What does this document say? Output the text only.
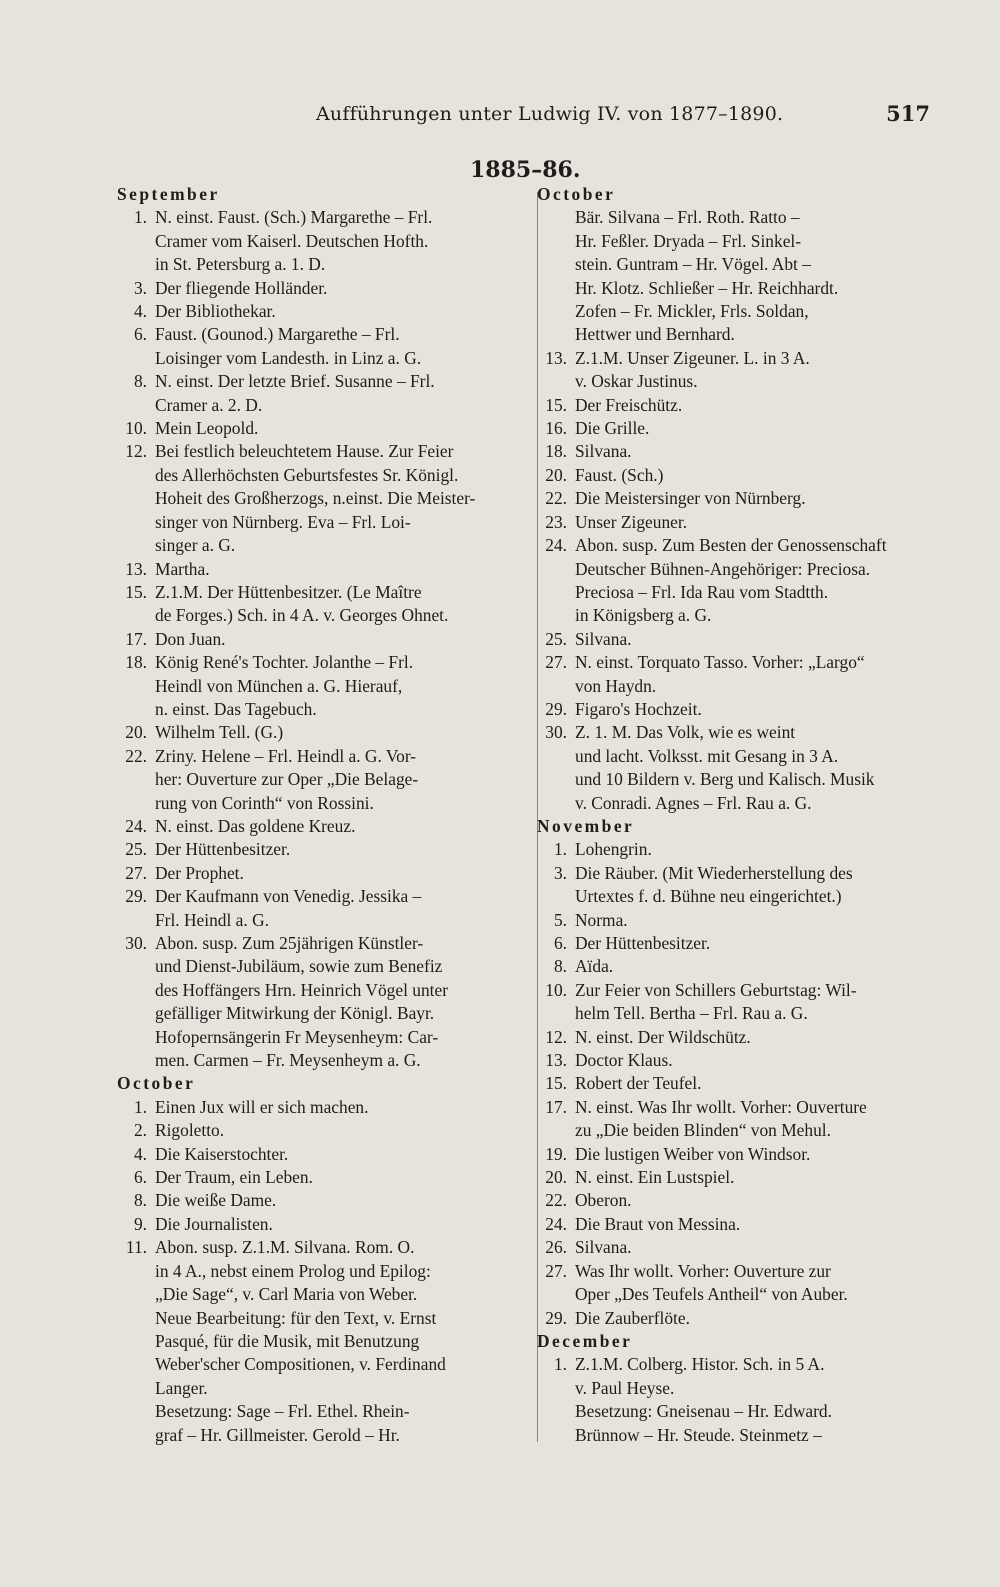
Aufführungen unter Ludwig IV. von 1877–1890.	517
1885–86.
September
1. N. einst. Faust. (Sch.) Margarethe – Frl.
Cramer vom Kaiserl. Deutschen Hofth.
in St. Petersburg a. 1. D.
3. Der fliegende Holländer.
4. Der Bibliothekar.
6. Faust. (Gounod.) Margarethe – Frl.
Loisinger vom Landesth. in Linz a. G.
8. N. einst. Der letzte Brief. Susanne – Frl.
Cramer a. 2. D.
10. Mein Leopold.
12. Bei festlich beleuchtetem Hause. Zur Feier
des Allerhöchsten Geburtsfestes Sr. Königl.
Hoheit des Großherzogs, n.einst. Die Meister-
singer von Nürnberg. Eva – Frl. Loi-
singer a. G.
13. Martha.
15. Z.1.M. Der Hüttenbesitzer. (Le Maître
de Forges.) Sch. in 4 A. v. Georges Ohnet.
17. Don Juan.
18. König René's Tochter. Jolanthe – Frl.
Heindl von München a. G. Hierauf,
n. einst. Das Tagebuch.
20. Wilhelm Tell. (G.)
22. Zriny. Helene – Frl. Heindl a. G. Vor-
her: Ouverture zur Oper „Die Belage-
rung von Corinth“ von Rossini.
24. N. einst. Das goldene Kreuz.
25. Der Hüttenbesitzer.
27. Der Prophet.
29. Der Kaufmann von Venedig. Jessika –
Frl. Heindl a. G.
30. Abon. susp. Zum 25jährigen Künstler-
und Dienst-Jubiläum, sowie zum Benefiz
des Hoffängers Hrn. Heinrich Vögel unter
gefälliger Mitwirkung der Königl. Bayr.
Hofopernsängerin Fr Meysenheym: Car-
men. Carmen – Fr. Meysenheym a. G.
October
1. Einen Jux will er sich machen.
2. Rigoletto.
4. Die Kaiserstochter.
6. Der Traum, ein Leben.
8. Die weiße Dame.
9. Die Journalisten.
11. Abon. susp. Z.1.M. Silvana. Rom. O.
in 4 A., nebst einem Prolog und Epilog:
„Die Sage“, v. Carl Maria von Weber.
Neue Bearbeitung: für den Text, v. Ernst
Pasqué, für die Musik, mit Benutzung
Weber'scher Compositionen, v. Ferdinand
Langer.
Besetzung: Sage – Frl. Ethel. Rhein-
graf – Hr. Gillmeister. Gerold – Hr.
October
Bär. Silvana – Frl. Roth. Ratto –
Hr. Feßler. Dryada – Frl. Sinkel-
stein. Guntram – Hr. Vögel. Abt –
Hr. Klotz. Schließer – Hr. Reichhardt.
Zofen – Fr. Mickler, Frls. Soldan,
Hettwer und Bernhard.
13. Z.1.M. Unser Zigeuner. L. in 3 A.
v. Oskar Justinus.
15. Der Freischütz.
16. Die Grille.
18. Silvana.
20. Faust. (Sch.)
22. Die Meistersinger von Nürnberg.
23. Unser Zigeuner.
24. Abon. susp. Zum Besten der Genossenschaft
Deutscher Bühnen-Angehöriger: Preciosa.
Preciosa – Frl. Ida Rau vom Stadtth.
in Königsberg a. G.
25. Silvana.
27. N. einst. Torquato Tasso. Vorher: „Largo“
von Haydn.
29. Figaro's Hochzeit.
30. Z. 1. M. Das Volk, wie es weint
und lacht. Volksst. mit Gesang in 3 A.
und 10 Bildern v. Berg und Kalisch. Musik
v. Conradi. Agnes – Frl. Rau a. G.
November
1. Lohengrin.
3. Die Räuber. (Mit Wiederherstellung des
Urtextes f. d. Bühne neu eingerichtet.)
5. Norma.
6. Der Hüttenbesitzer.
8. Aïda.
10. Zur Feier von Schillers Geburtstag: Wil-
helm Tell. Bertha – Frl. Rau a. G.
12. N. einst. Der Wildschütz.
13. Doctor Klaus.
15. Robert der Teufel.
17. N. einst. Was Ihr wollt. Vorher: Ouverture
zu „Die beiden Blinden“ von Mehul.
19. Die lustigen Weiber von Windsor.
20. N. einst. Ein Lustspiel.
22. Oberon.
24. Die Braut von Messina.
26. Silvana.
27. Was Ihr wollt. Vorher: Ouverture zur
Oper „Des Teufels Antheil“ von Auber.
29. Die Zauberflöte.
December
1. Z.1.M. Colberg. Histor. Sch. in 5 A.
v. Paul Heyse.
Besetzung: Gneisenau – Hr. Edward.
Brünnow – Hr. Steude. Steinmetz –
